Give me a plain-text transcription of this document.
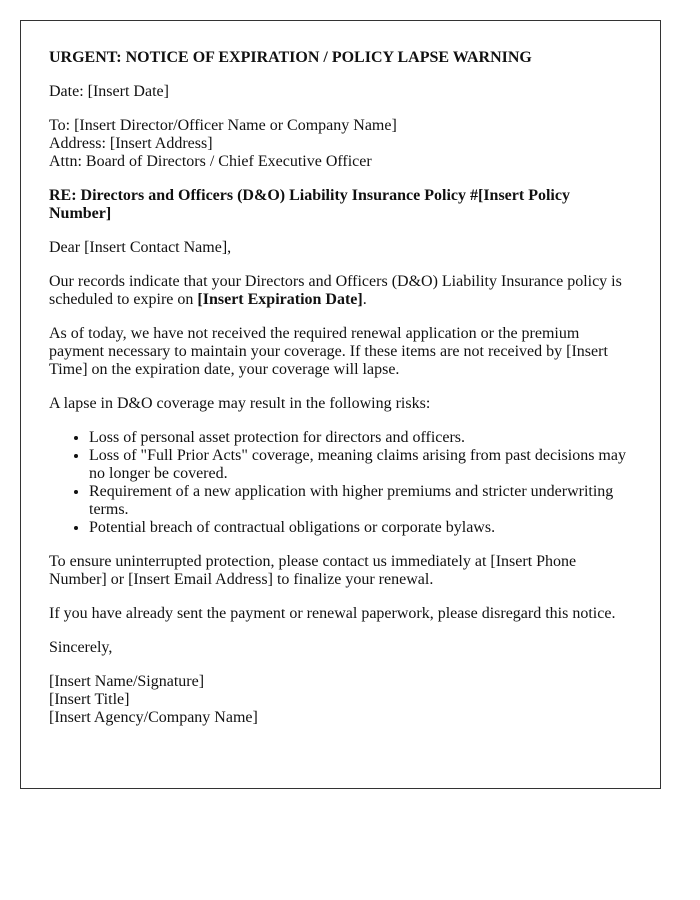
URGENT: NOTICE OF EXPIRATION / POLICY LAPSE WARNING

Date: [Insert Date]

To: [Insert Director/Officer Name or Company Name]
Address: [Insert Address]
Attn: Board of Directors / Chief Executive Officer

RE: Directors and Officers (D&O) Liability Insurance Policy #[Insert Policy Number]

Dear [Insert Contact Name],

Our records indicate that your Directors and Officers (D&O) Liability Insurance policy is scheduled to expire on [Insert Expiration Date].

As of today, we have not received the required renewal application or the premium payment necessary to maintain your coverage. If these items are not received by [Insert Time] on the expiration date, your coverage will lapse.

A lapse in D&O coverage may result in the following risks:

• Loss of personal asset protection for directors and officers.
• Loss of "Full Prior Acts" coverage, meaning claims arising from past decisions may no longer be covered.
• Requirement of a new application with higher premiums and stricter underwriting terms.
• Potential breach of contractual obligations or corporate bylaws.

To ensure uninterrupted protection, please contact us immediately at [Insert Phone Number] or [Insert Email Address] to finalize your renewal.

If you have already sent the payment or renewal paperwork, please disregard this notice.

Sincerely,

[Insert Name/Signature]
[Insert Title]
[Insert Agency/Company Name]
